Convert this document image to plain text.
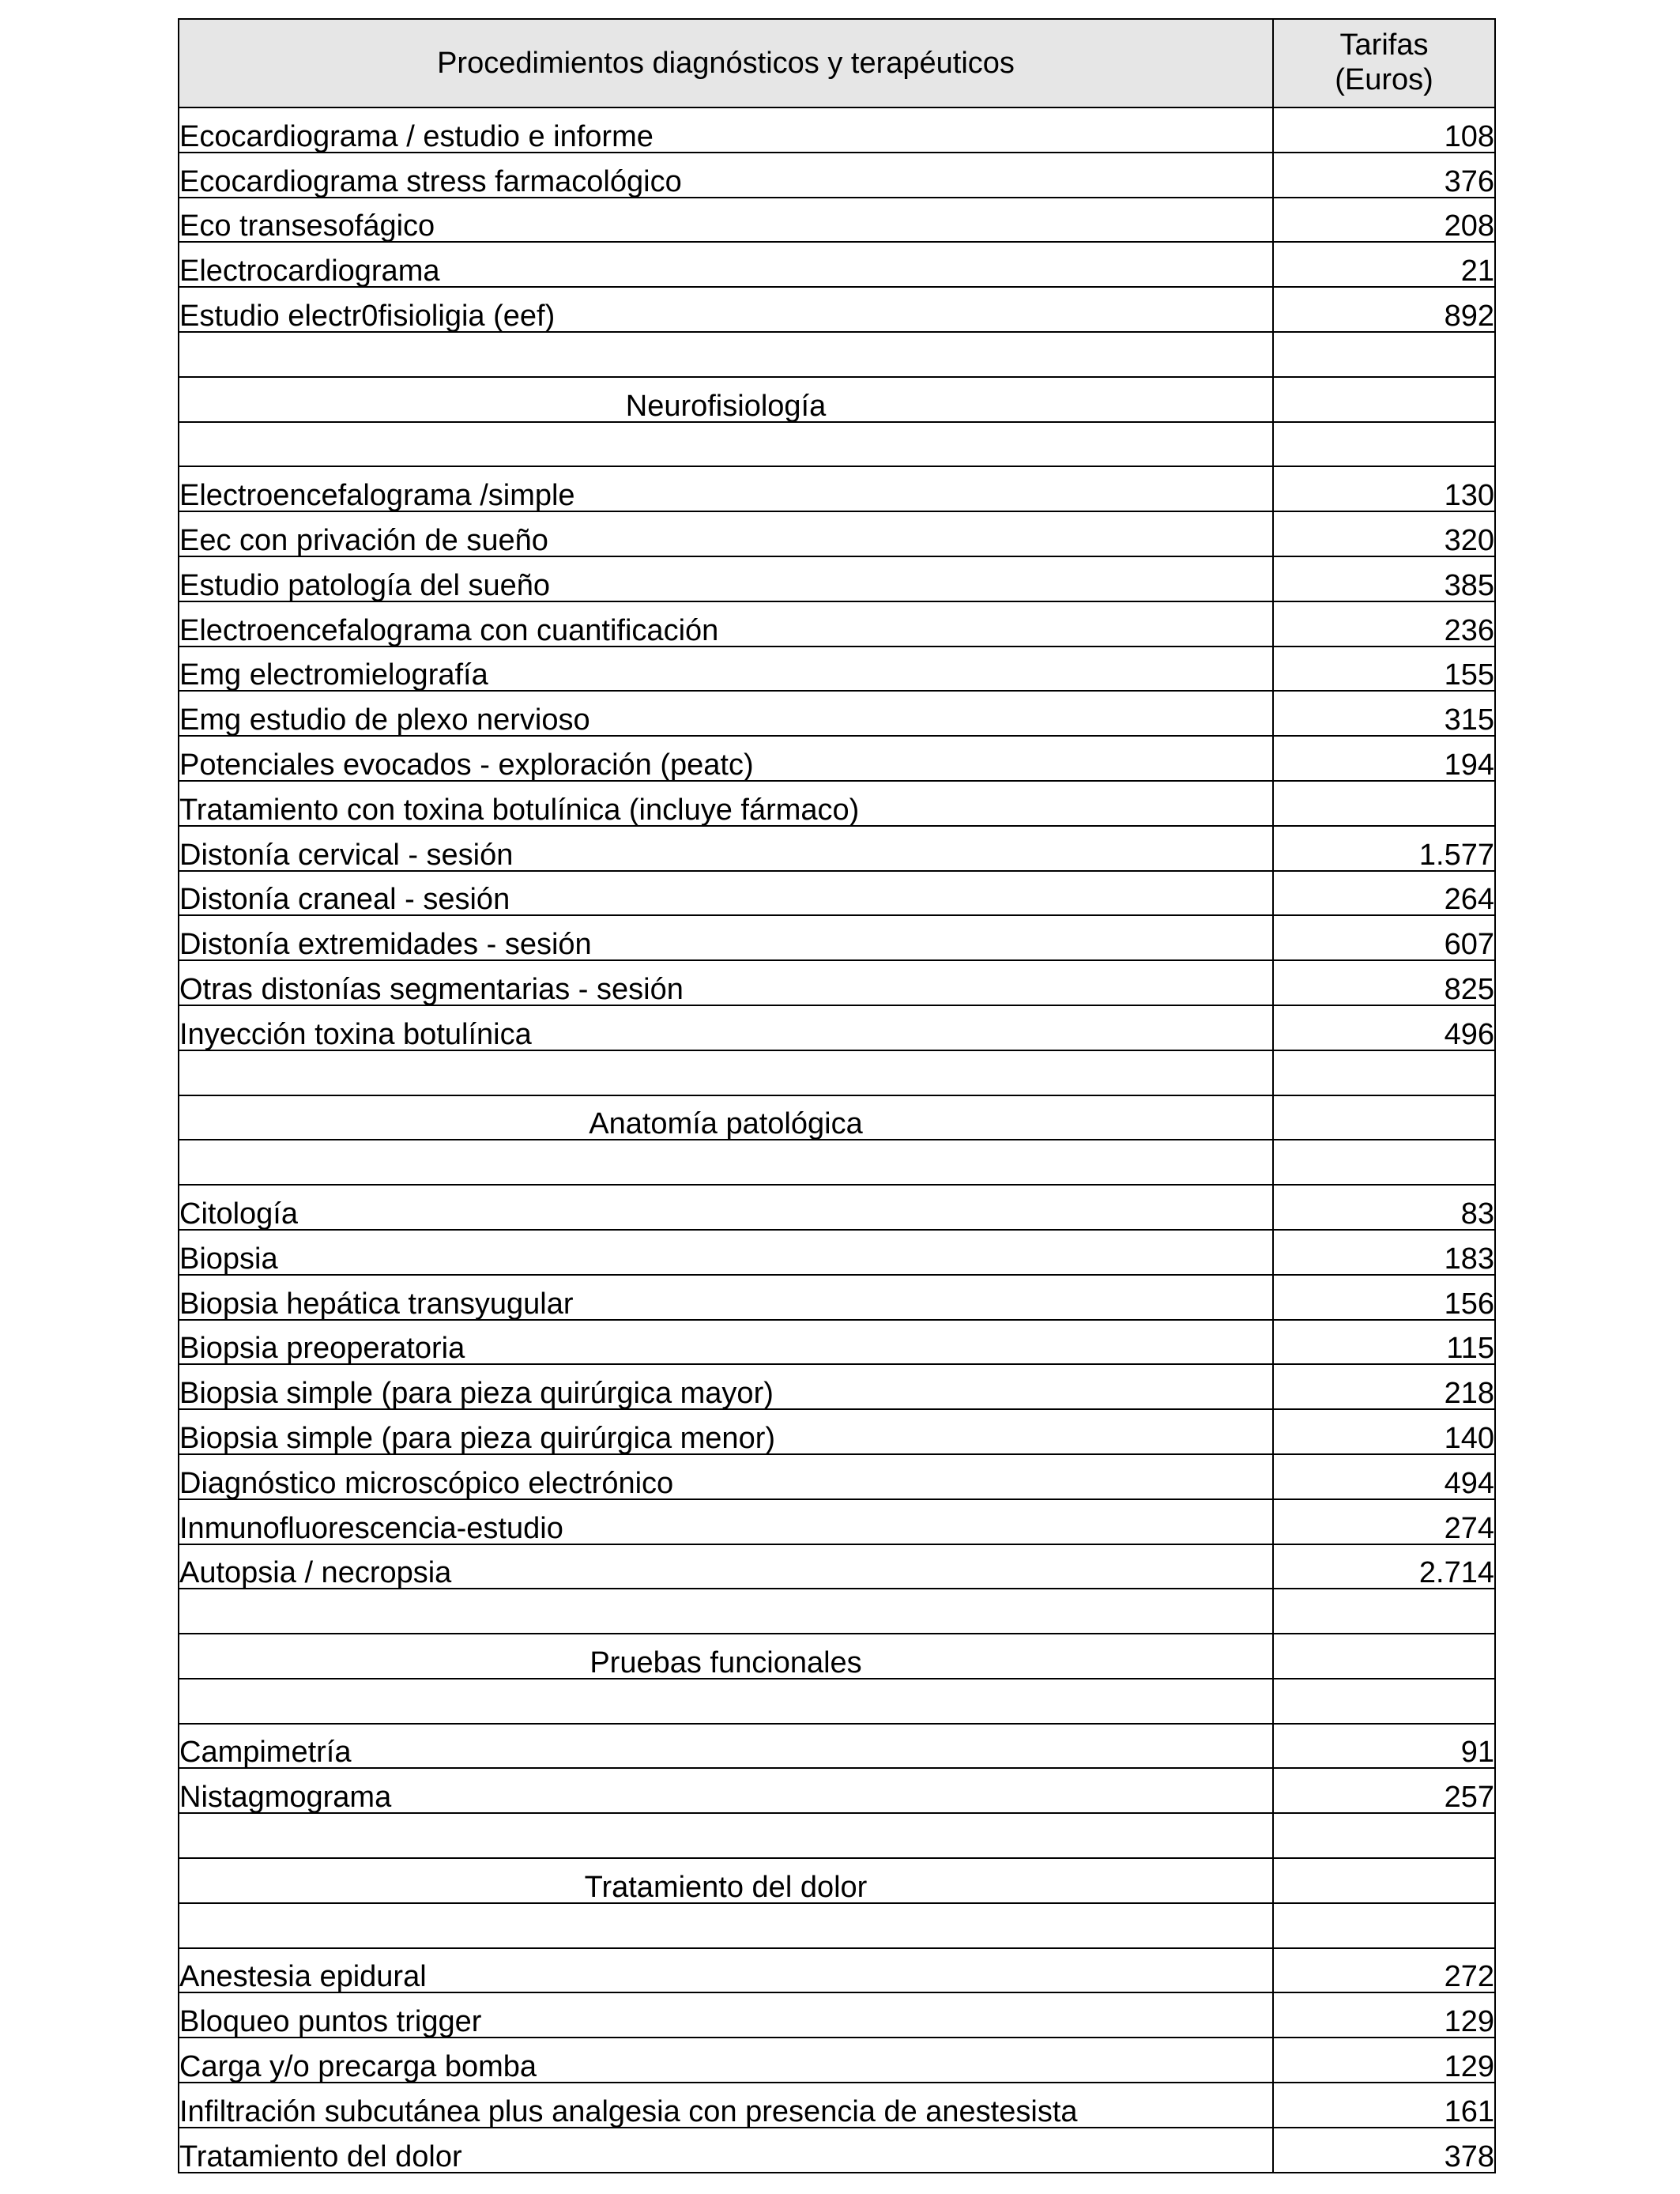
Procedimientos diagnósticos y terapéuticos	Tarifas
(Euros)

Ecocardiograma / estudio e informe	108
Ecocardiograma stress farmacológico	376
Eco transesofágico	208
Electrocardiograma	21
Estudio electr0fisioligia (eef)	892

Neurofisiología	

Electroencefalograma /simple	130
Eec con privación de sueño	320
Estudio patología del sueño	385
Electroencefalograma con cuantificación	236
Emg electromielografía	155
Emg estudio de plexo nervioso	315
Potenciales evocados - exploración (peatc)	194
Tratamiento con toxina botulínica (incluye fármaco)	
Distonía cervical - sesión	1.577
Distonía craneal - sesión	264
Distonía extremidades - sesión	607
Otras distonías segmentarias - sesión	825
Inyección toxina botulínica	496

Anatomía patológica	

Citología	83
Biopsia	183
Biopsia hepática transyugular	156
Biopsia preoperatoria	115
Biopsia simple (para pieza quirúrgica mayor)	218
Biopsia simple (para pieza quirúrgica menor)	140
Diagnóstico microscópico electrónico	494
Inmunofluorescencia-estudio	274
Autopsia / necropsia	2.714

Pruebas funcionales	

Campimetría	91
Nistagmograma	257

Tratamiento del dolor	

Anestesia epidural	272
Bloqueo puntos trigger	129
Carga y/o precarga bomba	129
Infiltración subcutánea plus analgesia con presencia de anestesista	161
Tratamiento del dolor	378
